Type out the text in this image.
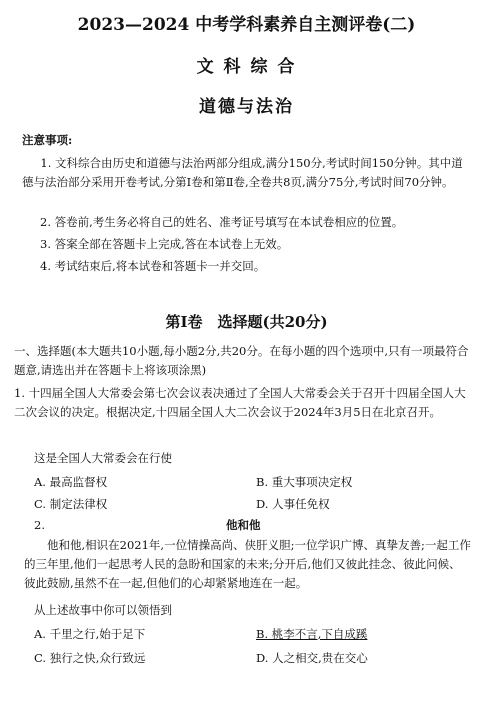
2023—2024 中考学科素养自主测评卷(二)
文 科 综 合
道德与法治
注意事项:
1. 文科综合由历史和道德与法治两部分组成,满分150分,考试时间150分钟。其中道德与法治部分采用开卷考试,分第Ⅰ卷和第Ⅱ卷,全卷共8页,满分75分,考试时间70分钟。
2. 答卷前,考生务必将自己的姓名、准考证号填写在本试卷相应的位置。
3. 答案全部在答题卡上完成,答在本试卷上无效。
4. 考试结束后,将本试卷和答题卡一并交回。
第Ⅰ卷　选择题(共20分)
一、选择题(本大题共10小题,每小题2分,共20分。在每小题的四个选项中,只有一项最符合题意,请选出并在答题卡上将该项涂黑)
1. 十四届全国人大常委会第七次会议表决通过了全国人大常委会关于召开十四届全国人大二次会议的决定。根据决定,十四届全国人大二次会议于2024年3月5日在北京召开。
这是全国人大常委会在行使
A. 最高监督权	B. 重大事项决定权
C. 制定法律权	D. 人事任免权
2.	他和他
他和他,相识在2021年,一位情操高尚、侠肝义胆;一位学识广博、真挚友善;一起工作的三年里,他们一起思考人民的急盼和国家的未来;分开后,他们又彼此挂念、彼此问候、彼此鼓励,虽然不在一起,但他们的心却紧紧地连在一起。
从上述故事中你可以领悟到
A. 千里之行,始于足下	B. 桃李不言,下自成蹊
C. 独行之快,众行致远	D. 人之相交,贵在交心
